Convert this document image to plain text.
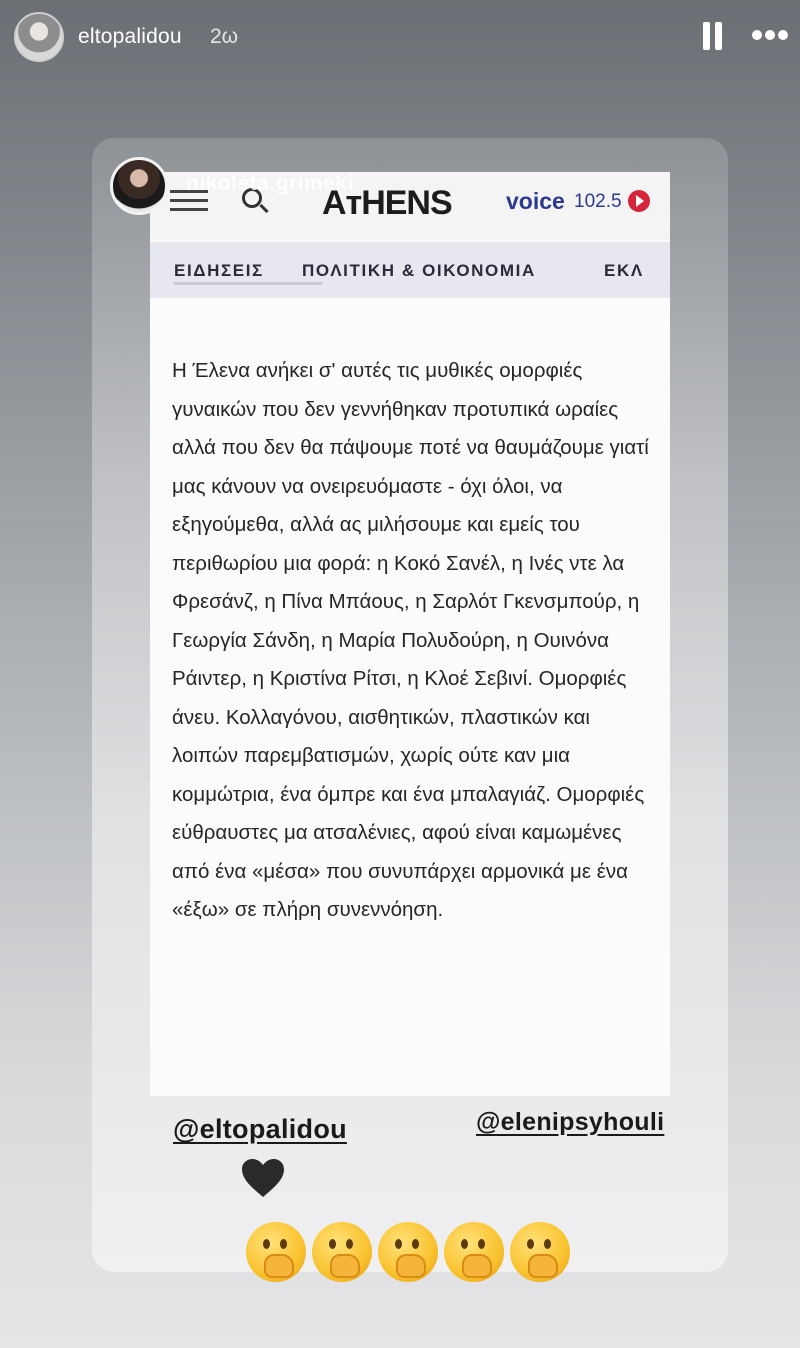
eltopalidou 2ω
AтHENS voice 102.5
ΕΙΔΗΣΕΙΣ ΠΟΛΙΤΙΚΗ & ΟΙΚΟΝΟΜΙΑ	ΕΚΛ

Η Έλενα ανήκει σ' αυτές τις μυθικές ομορφιές γυναικών που δεν γεννήθηκαν προτυπικά ωραίες αλλά που δεν θα πάψουμε ποτέ να θαυμάζουμε γιατί μας κάνουν να ονειρευόμαστε - όχι όλοι, να εξηγούμεθα, αλλά ας μιλήσουμε και εμείς του περιθωρίου μια φορά: η Κοκό Σανέλ, η Ινές ντε λα Φρεσάνζ, η Πίνα Μπάους, η Σαρλότ Γκενσμπούρ, η Γεωργία Σάνδη, η Μαρία Πολυδούρη, η Ουινόνα Ράιντερ, η Κριστίνα Ρίτσι, η Κλοέ Σεβινί. Ομορφιές άνευ. Κολλαγόνου, αισθητικών, πλαστικών και λοιπών παρεμβατισμών, χωρίς ούτε καν μια κομμώτρια, ένα όμπρε και ένα μπαλαγιάζ. Ομορφιές εύθραυστες μα ατσαλένιες, αφού είναι καμωμένες από ένα «μέσα» που συνυπάρχει αρμονικά με ένα «έξω» σε πλήρη συνεννόηση.

nikoleta.grimeki
@eltopalidou	@elenipsyhouli
